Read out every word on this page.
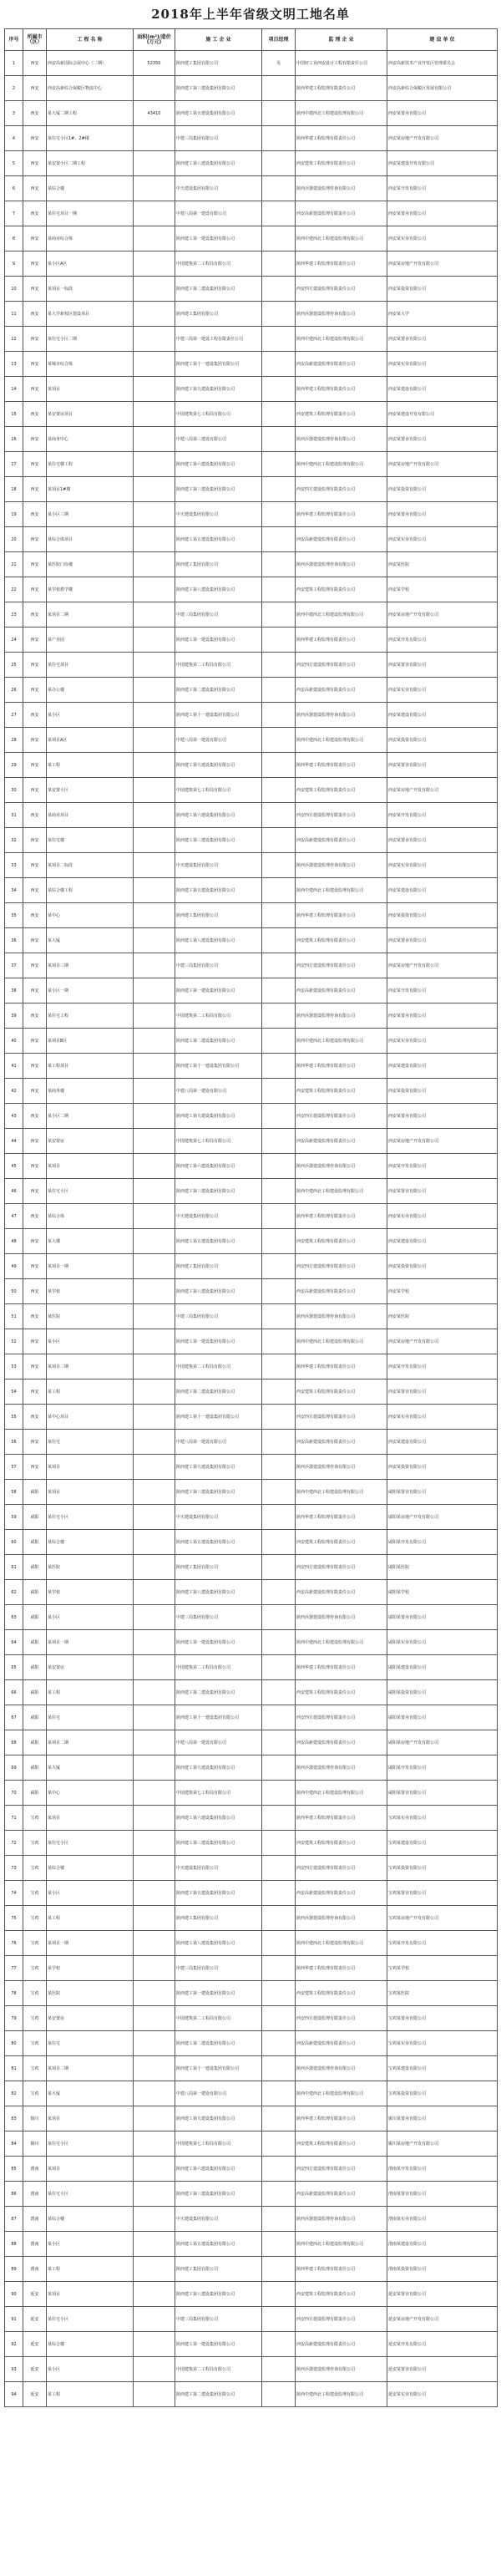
2018年上半年省级文明工地名单
序号	所属市（区）	工 程 名 称	面积(m²)/造价(万元)	施 工 企 业	项目经理	监 理 企 业	建 设 单 位
1	西安	西安高新国际会展中心（二期）	52350	陕西建工集团有限公司	吴	中国轻工业西安设计工程有限责任公司	西安高新技术产业开发区管理委员会
2	西安	西安高新综合保税区物流中心		陕西建工第三建设集团有限公司		陕西华建工程监理有限责任公司	西安高新综合保税区发展有限公司
3	西安	某大厦二期工程	43410	陕西建工第五建设集团有限公司		陕西中建西北工程建设监理有限公司	西安某置业有限公司
4	西安	某住宅小区1#、2#楼		中建三局集团有限公司		陕西华建工程监理有限责任公司	西安某房地产开发有限公司
5	西安	某安置小区二期工程		陕西建工第八建设集团有限公司		西安建筑工程监理有限责任公司	西安某建设开发有限公司
6	西安	某综合楼		中天建设集团有限公司		陕西兵器建设监理咨询有限公司	西安某开发有限公司
7	西安	某住宅项目一期		中建八局第一建设有限公司		西安高新建设监理有限责任公司	西安某置业有限公司
8	西安	某商业综合体		陕西建工第一建设集团有限公司		陕西中建西北工程建设监理有限公司	西安某实业有限公司
9	西安	某小区A区		中国建筑第二工程局有限公司		陕西华建工程监理有限责任公司	西安某房地产开发有限公司
10	西安	某项目一标段		陕西建工第二建设集团有限公司		西安四方建设监理有限责任公司	西安某投资有限公司
11	西安	某大学新校区建设项目		陕西建工集团有限公司		陕西兵器建设监理咨询有限公司	西安某大学
12	西安	某住宅小区二期		中建三局第一建设工程有限责任公司		陕西中建西北工程建设监理有限公司	西安某置业有限公司
13	西安	某城市综合体		陕西建工第十一建设集团有限公司		西安高新建设监理有限责任公司	西安某实业有限公司
14	西安	某项目		陕西建工第九建设集团有限公司		陕西华建工程监理有限责任公司	西安某建设有限公司
15	西安	某安置房项目		中国建筑第七工程局有限公司		西安建筑工程监理有限责任公司	西安某建设开发有限公司
16	西安	某商务中心		中建八局第三建设有限公司		陕西兵器建设监理咨询有限公司	西安某置业有限公司
17	西安	某住宅楼工程		陕西建工第六建设集团有限公司		陕西中建西北工程建设监理有限公司	西安某房地产开发有限公司
18	西安	某项目1#楼		陕西建工第三建设集团有限公司		西安四方建设监理有限责任公司	西安某投资有限公司
19	西安	某小区三期		中天建设集团有限公司		陕西华建工程监理有限责任公司	西安某置业有限公司
20	西安	某综合体项目		陕西建工第五建设集团有限公司		西安高新建设监理有限责任公司	西安某实业有限公司
21	西安	某医院门诊楼		陕西建工集团有限公司		陕西兵器建设监理咨询有限公司	西安某医院
22	西安	某学校教学楼		陕西建工第八建设集团有限公司		西安建筑工程监理有限责任公司	西安某学校
23	西安	某项目二期		中建三局集团有限公司		陕西中建西北工程建设监理有限公司	西安某房地产开发有限公司
24	西安	某产业园		陕西建工第一建设集团有限公司		陕西华建工程监理有限责任公司	西安某开发有限公司
25	西安	某住宅项目		中国建筑第二工程局有限公司		西安四方建设监理有限责任公司	西安某置业有限公司
26	西安	某办公楼		陕西建工第二建设集团有限公司		西安高新建设监理有限责任公司	西安某实业有限公司
27	西安	某小区		陕西建工第十一建设集团有限公司		陕西兵器建设监理咨询有限公司	西安某建设有限公司
28	西安	某项目A区		中建八局第一建设有限公司		陕西中建西北工程建设监理有限公司	西安某投资有限公司
29	西安	某工程		陕西建工第九建设集团有限公司		陕西华建工程监理有限责任公司	西安某置业有限公司
30	西安	某安置小区		中国建筑第七工程局有限公司		西安建筑工程监理有限责任公司	西安某房地产开发有限公司
31	西安	某商业项目		陕西建工第六建设集团有限公司		西安四方建设监理有限责任公司	西安某开发有限公司
32	西安	某住宅楼		陕西建工第三建设集团有限公司		西安高新建设监理有限责任公司	西安某置业有限公司
33	西安	某项目二标段		中天建设集团有限公司		陕西兵器建设监理咨询有限公司	西安某实业有限公司
34	西安	某综合楼工程		陕西建工第五建设集团有限公司		陕西中建西北工程建设监理有限公司	西安某建设有限公司
35	西安	某中心		陕西建工集团有限公司		陕西华建工程监理有限责任公司	西安某投资有限公司
36	西安	某大厦		陕西建工第八建设集团有限公司		西安建筑工程监理有限责任公司	西安某置业有限公司
37	西安	某项目三期		中建三局集团有限公司		西安四方建设监理有限责任公司	西安某房地产开发有限公司
38	西安	某小区一期		陕西建工第一建设集团有限公司		西安高新建设监理有限责任公司	西安某开发有限公司
39	西安	某住宅工程		中国建筑第二工程局有限公司		陕西兵器建设监理咨询有限公司	西安某置业有限公司
40	西安	某项目B区		陕西建工第二建设集团有限公司		陕西中建西北工程建设监理有限公司	西安某实业有限公司
41	西安	某工程项目		陕西建工第十一建设集团有限公司		陕西华建工程监理有限责任公司	西安某建设有限公司
42	西安	某商务楼		中建八局第一建设有限公司		西安建筑工程监理有限责任公司	西安某投资有限公司
43	西安	某小区二期		陕西建工第九建设集团有限公司		西安四方建设监理有限责任公司	西安某置业有限公司
44	西安	某安置房		中国建筑第七工程局有限公司		西安高新建设监理有限责任公司	西安某房地产开发有限公司
45	西安	某项目		陕西建工第六建设集团有限公司		陕西兵器建设监理咨询有限公司	西安某开发有限公司
46	西安	某住宅小区		陕西建工第三建设集团有限公司		陕西中建西北工程建设监理有限公司	西安某置业有限公司
47	西安	某综合体		中天建设集团有限公司		陕西华建工程监理有限责任公司	西安某实业有限公司
48	西安	某大楼		陕西建工第五建设集团有限公司		西安建筑工程监理有限责任公司	西安某建设有限公司
49	西安	某项目一期		陕西建工集团有限公司		西安四方建设监理有限责任公司	西安某投资有限公司
50	西安	某学校		陕西建工第八建设集团有限公司		西安高新建设监理有限责任公司	西安某学校
51	西安	某医院		中建三局集团有限公司		陕西兵器建设监理咨询有限公司	西安某医院
52	西安	某小区		陕西建工第一建设集团有限公司		陕西中建西北工程建设监理有限公司	西安某房地产开发有限公司
53	西安	某项目二期		中国建筑第二工程局有限公司		陕西华建工程监理有限责任公司	西安某开发有限公司
54	西安	某工程		陕西建工第二建设集团有限公司		西安建筑工程监理有限责任公司	西安某置业有限公司
55	西安	某中心项目		陕西建工第十一建设集团有限公司		西安四方建设监理有限责任公司	西安某实业有限公司
56	西安	某住宅		中建八局第一建设有限公司		西安高新建设监理有限责任公司	西安某建设有限公司
57	西安	某项目		陕西建工第九建设集团有限公司		陕西兵器建设监理咨询有限公司	西安某投资有限公司
58	咸阳	某项目		陕西建工第三建设集团有限公司		陕西中建西北工程建设监理有限公司	咸阳某置业有限公司
59	咸阳	某住宅小区		中天建设集团有限公司		陕西华建工程监理有限责任公司	咸阳某房地产开发有限公司
60	咸阳	某综合楼		陕西建工第五建设集团有限公司		西安建筑工程监理有限责任公司	咸阳某开发有限公司
61	咸阳	某医院		陕西建工集团有限公司		西安四方建设监理有限责任公司	咸阳某医院
62	咸阳	某学校		陕西建工第八建设集团有限公司		西安高新建设监理有限责任公司	咸阳某学校
63	咸阳	某小区		中建三局集团有限公司		陕西兵器建设监理咨询有限公司	咸阳某置业有限公司
64	咸阳	某项目一期		陕西建工第一建设集团有限公司		陕西中建西北工程建设监理有限公司	咸阳某实业有限公司
65	咸阳	某安置房		中国建筑第二工程局有限公司		陕西华建工程监理有限责任公司	咸阳某建设有限公司
66	咸阳	某工程		陕西建工第二建设集团有限公司		西安建筑工程监理有限责任公司	咸阳某投资有限公司
67	咸阳	某住宅		陕西建工第十一建设集团有限公司		西安四方建设监理有限责任公司	咸阳某置业有限公司
68	咸阳	某项目二期		中建八局第一建设有限公司		西安高新建设监理有限责任公司	咸阳某房地产开发有限公司
69	咸阳	某大厦		陕西建工第九建设集团有限公司		陕西兵器建设监理咨询有限公司	咸阳某开发有限公司
70	咸阳	某中心		中国建筑第七工程局有限公司		陕西中建西北工程建设监理有限公司	咸阳某置业有限公司
71	宝鸡	某项目		陕西建工第六建设集团有限公司		陕西华建工程监理有限责任公司	宝鸡某实业有限公司
72	宝鸡	某住宅小区		陕西建工第三建设集团有限公司		西安建筑工程监理有限责任公司	宝鸡某建设有限公司
73	宝鸡	某综合楼		中天建设集团有限公司		西安四方建设监理有限责任公司	宝鸡某投资有限公司
74	宝鸡	某小区		陕西建工第五建设集团有限公司		西安高新建设监理有限责任公司	宝鸡某置业有限公司
75	宝鸡	某工程		陕西建工集团有限公司		陕西兵器建设监理咨询有限公司	宝鸡某房地产开发有限公司
76	宝鸡	某项目一期		陕西建工第八建设集团有限公司		陕西中建西北工程建设监理有限公司	宝鸡某开发有限公司
77	宝鸡	某学校		中建三局集团有限公司		陕西华建工程监理有限责任公司	宝鸡某学校
78	宝鸡	某医院		陕西建工第一建设集团有限公司		西安建筑工程监理有限责任公司	宝鸡某医院
79	宝鸡	某安置房		中国建筑第二工程局有限公司		西安四方建设监理有限责任公司	宝鸡某置业有限公司
80	宝鸡	某住宅		陕西建工第二建设集团有限公司		西安高新建设监理有限责任公司	宝鸡某实业有限公司
81	宝鸡	某项目二期		陕西建工第十一建设集团有限公司		陕西兵器建设监理咨询有限公司	宝鸡某建设有限公司
82	宝鸡	某大厦		中建八局第一建设有限公司		陕西中建西北工程建设监理有限公司	宝鸡某投资有限公司
83	铜川	某项目		陕西建工第九建设集团有限公司		陕西华建工程监理有限责任公司	铜川某置业有限公司
84	铜川	某住宅小区		中国建筑第七工程局有限公司		西安建筑工程监理有限责任公司	铜川某房地产开发有限公司
85	渭南	某项目		陕西建工第六建设集团有限公司		西安四方建设监理有限责任公司	渭南某开发有限公司
86	渭南	某住宅小区		陕西建工第三建设集团有限公司		西安高新建设监理有限责任公司	渭南某置业有限公司
87	渭南	某综合楼		中天建设集团有限公司		陕西兵器建设监理咨询有限公司	渭南某实业有限公司
88	渭南	某小区		陕西建工第五建设集团有限公司		陕西中建西北工程建设监理有限公司	渭南某建设有限公司
89	渭南	某工程		陕西建工集团有限公司		陕西华建工程监理有限责任公司	渭南某投资有限公司
90	延安	某项目		陕西建工第八建设集团有限公司		西安建筑工程监理有限责任公司	延安某置业有限公司
91	延安	某住宅小区		中建三局集团有限公司		西安四方建设监理有限责任公司	延安某房地产开发有限公司
92	延安	某综合楼		陕西建工第一建设集团有限公司		西安高新建设监理有限责任公司	延安某开发有限公司
93	延安	某小区		中国建筑第二工程局有限公司		陕西兵器建设监理咨询有限公司	延安某置业有限公司
94	延安	某工程		陕西建工第二建设集团有限公司		陕西中建西北工程建设监理有限公司	延安某实业有限公司
